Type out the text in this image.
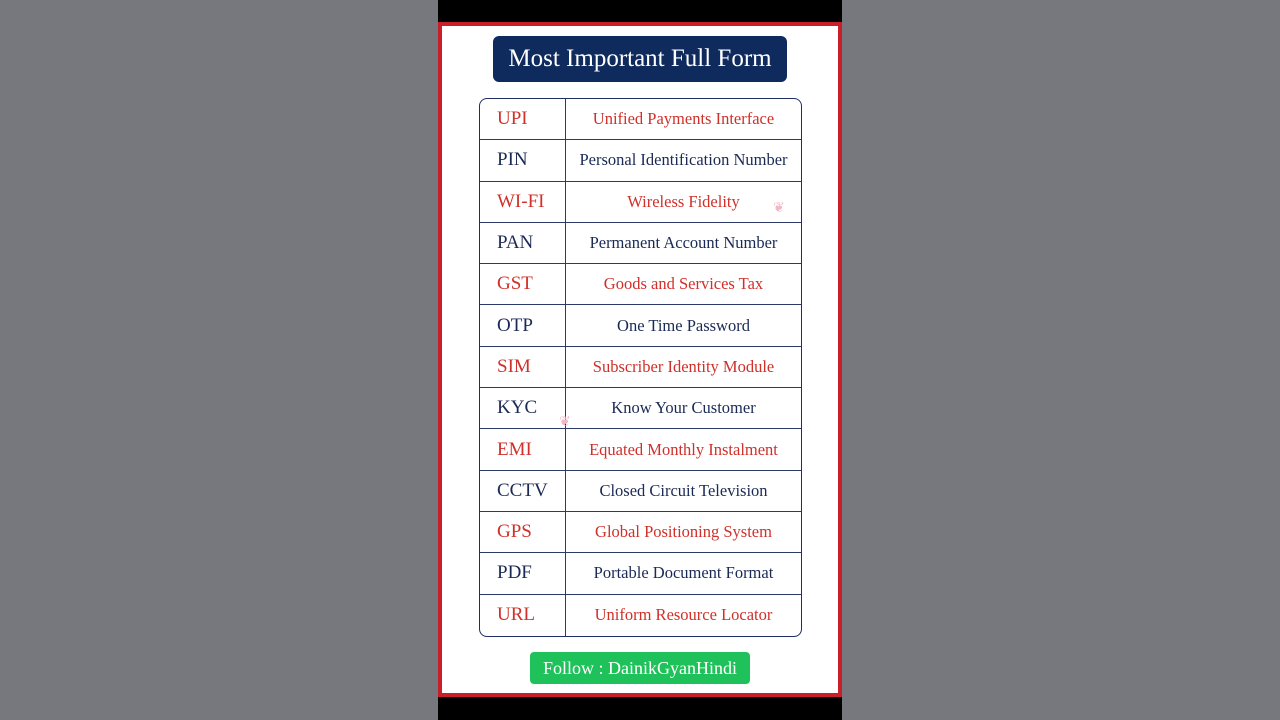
Most Important Full Form
UPI	Unified Payments Interface
PIN	Personal Identification Number
WI-FI	Wireless Fidelity
PAN	Permanent Account Number
GST	Goods and Services Tax
OTP	One Time Password
SIM	Subscriber Identity Module
KYC	Know Your Customer
EMI	Equated Monthly Instalment
CCTV	Closed Circuit Television
GPS	Global Positioning System
PDF	Portable Document Format
URL	Uniform Resource Locator
❦
❦
Follow : DainikGyanHindi
